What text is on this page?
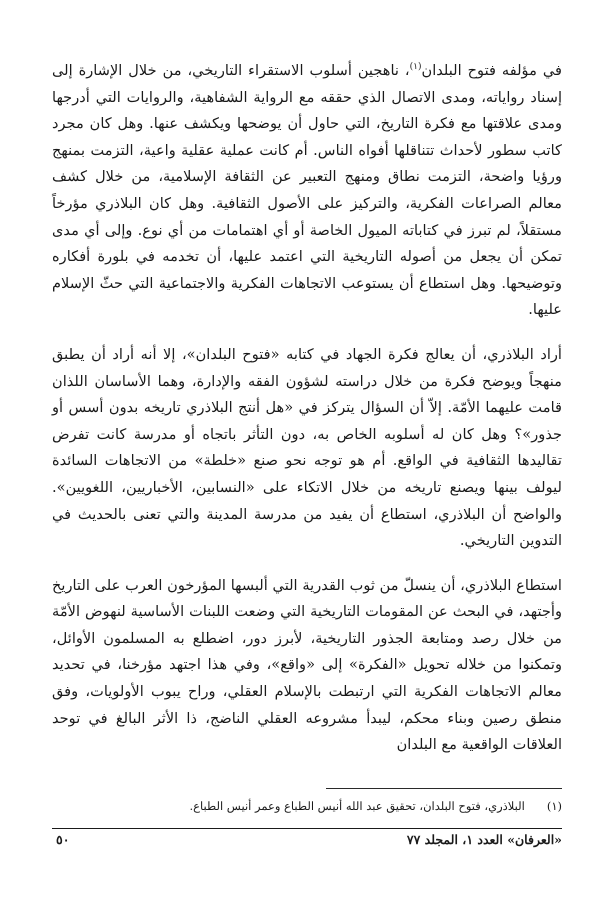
في مؤلفه فتوح البلدان$^{(١)}$، ناهجين أسلوب الاستقراء التاريخي، من خلال الإشارة إلى إسناد رواياته، ومدى الاتصال الذي حققه مع الرواية الشفاهية، والروايات التي أدرجها ومدى علاقتها مع فكرة التاريخ، التي حاول أن يوضحها ويكشف عنها. وهل كان مجرد كاتب سطور لأحداث تتناقلها أفواه الناس. أم كانت عملية عقلية واعية، التزمت بمنهج ورؤيا واضحة، التزمت نطاق ومنهج التعبير عن الثقافة الإسلامية، من خلال كشف معالم الصراعات الفكرية، والتركيز على الأصول الثقافية. وهل كان البلاذري مؤرخاً مستقلاً، لم تبرز في كتاباته الميول الخاصة أو أي اهتمامات من أي نوع. وإلى أي مدى تمكن أن يجعل من أصوله التاريخية التي اعتمد عليها، أن تخدمه في بلورة أفكاره وتوضيحها. وهل استطاع أن يستوعب الاتجاهات الفكرية والاجتماعية التي حثّ الإسلام عليها.

أراد البلاذري، أن يعالج فكرة الجهاد في كتابه «فتوح البلدان»، إلا أنه أراد أن يطبق منهجاً ويوضح فكرة من خلال دراسته لشؤون الفقه والإدارة، وهما الأساسان اللذان قامت عليهما الأمّة. إلاّ أن السؤال يتركز في «هل أنتج البلاذري تاريخه بدون أسس أو جذور»؟ وهل كان له أسلوبه الخاص به، دون التأثر باتجاه أو مدرسة كانت تفرض تقاليدها الثقافية في الواقع. أم هو توجه نحو صنع «خلطة» من الاتجاهات السائدة ليولف بينها ويصنع تاريخه من خلال الاتكاء على «النسابين، الأخباريين، اللغويين». والواضح أن البلاذري، استطاع أن يفيد من مدرسة المدينة والتي تعنى بالحديث في التدوين التاريخي.

استطاع البلاذري، أن ينسلّ من ثوب القدرية التي ألبسها المؤرخون العرب على التاريخ وأجتهد، في البحث عن المقومات التاريخية التي وضعت اللبنات الأساسية لنهوض الأمّة من خلال رصد ومتابعة الجذور التاريخية، لأبرز دور، اضطلع به المسلمون الأوائل، وتمكنوا من خلاله تحويل «الفكرة» إلى «واقع»، وفي هذا اجتهد مؤرخنا، في تحديد معالم الاتجاهات الفكرية التي ارتبطت بالإسلام العقلي، وراح يبوب الأولويات، وفق منطق رصين وبناء محكم، ليبدأ مشروعه العقلي الناضج، ذا الأثر البالغ في توحد العلاقات الواقعية مع البلدان

(١)البلاذري، فتوح البلدان، تحقيق عبد الله أنيس الطباع وعمر أنيس الطباع.

«العرفان» العدد ١، المجلد ٧٧

٥٠
